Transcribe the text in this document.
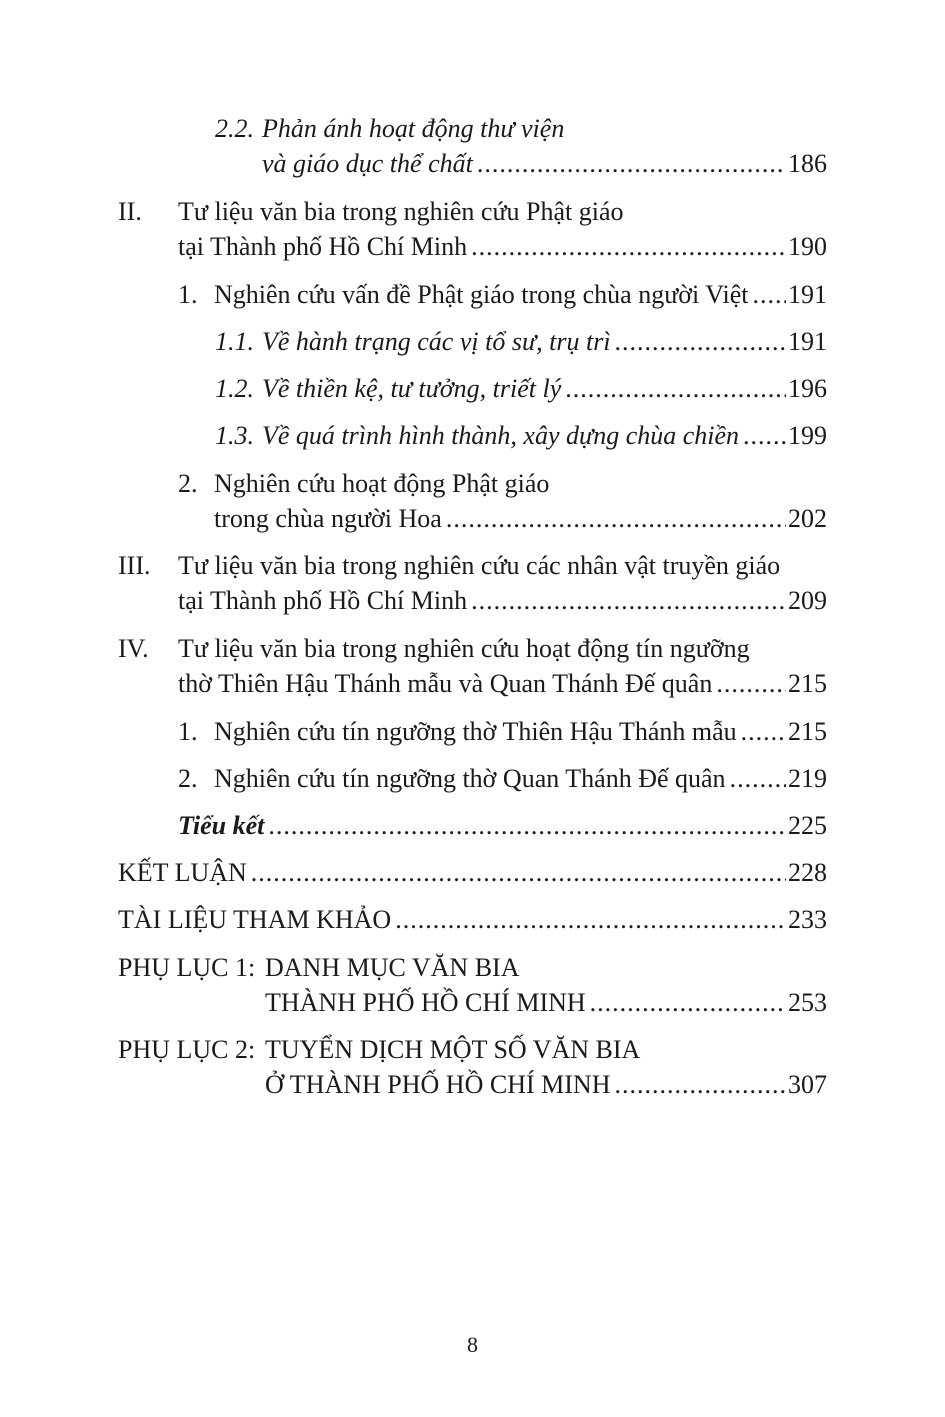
2.2. Phản ánh hoạt động thư viện
và giáo dục thể chất .....	186
II. Tư liệu văn bia trong nghiên cứu Phật giáo
tại Thành phố Hồ Chí Minh .....	190
1. Nghiên cứu vấn đề Phật giáo trong chùa người Việt ..... 191
1.1. Về hành trạng các vị tổ sư, trụ trì .....	191
1.2. Về thiền kệ, tư tưởng, triết lý .....	196
1.3. Về quá trình hình thành, xây dựng chùa chiền ..... 199
2. Nghiên cứu hoạt động Phật giáo
trong chùa người Hoa .....	202
III. Tư liệu văn bia trong nghiên cứu các nhân vật truyền giáo
tại Thành phố Hồ Chí Minh .....	209
IV. Tư liệu văn bia trong nghiên cứu hoạt động tín ngưỡng
thờ Thiên Hậu Thánh mẫu và Quan Thánh Đế quân .....	215
1. Nghiên cứu tín ngưỡng thờ Thiên Hậu Thánh mẫu ..... 215
2. Nghiên cứu tín ngưỡng thờ Quan Thánh Đế quân ..... 219
Tiểu kết .....	225
KẾT LUẬN .....	228
TÀI LIỆU THAM KHẢO .....	233
PHỤ LỤC 1: DANH MỤC VĂN BIA
THÀNH PHỐ HỒ CHÍ MINH .....	253
PHỤ LỤC 2: TUYỂN DỊCH MỘT SỐ VĂN BIA
Ở THÀNH PHỐ HỒ CHÍ MINH .....	307
8
